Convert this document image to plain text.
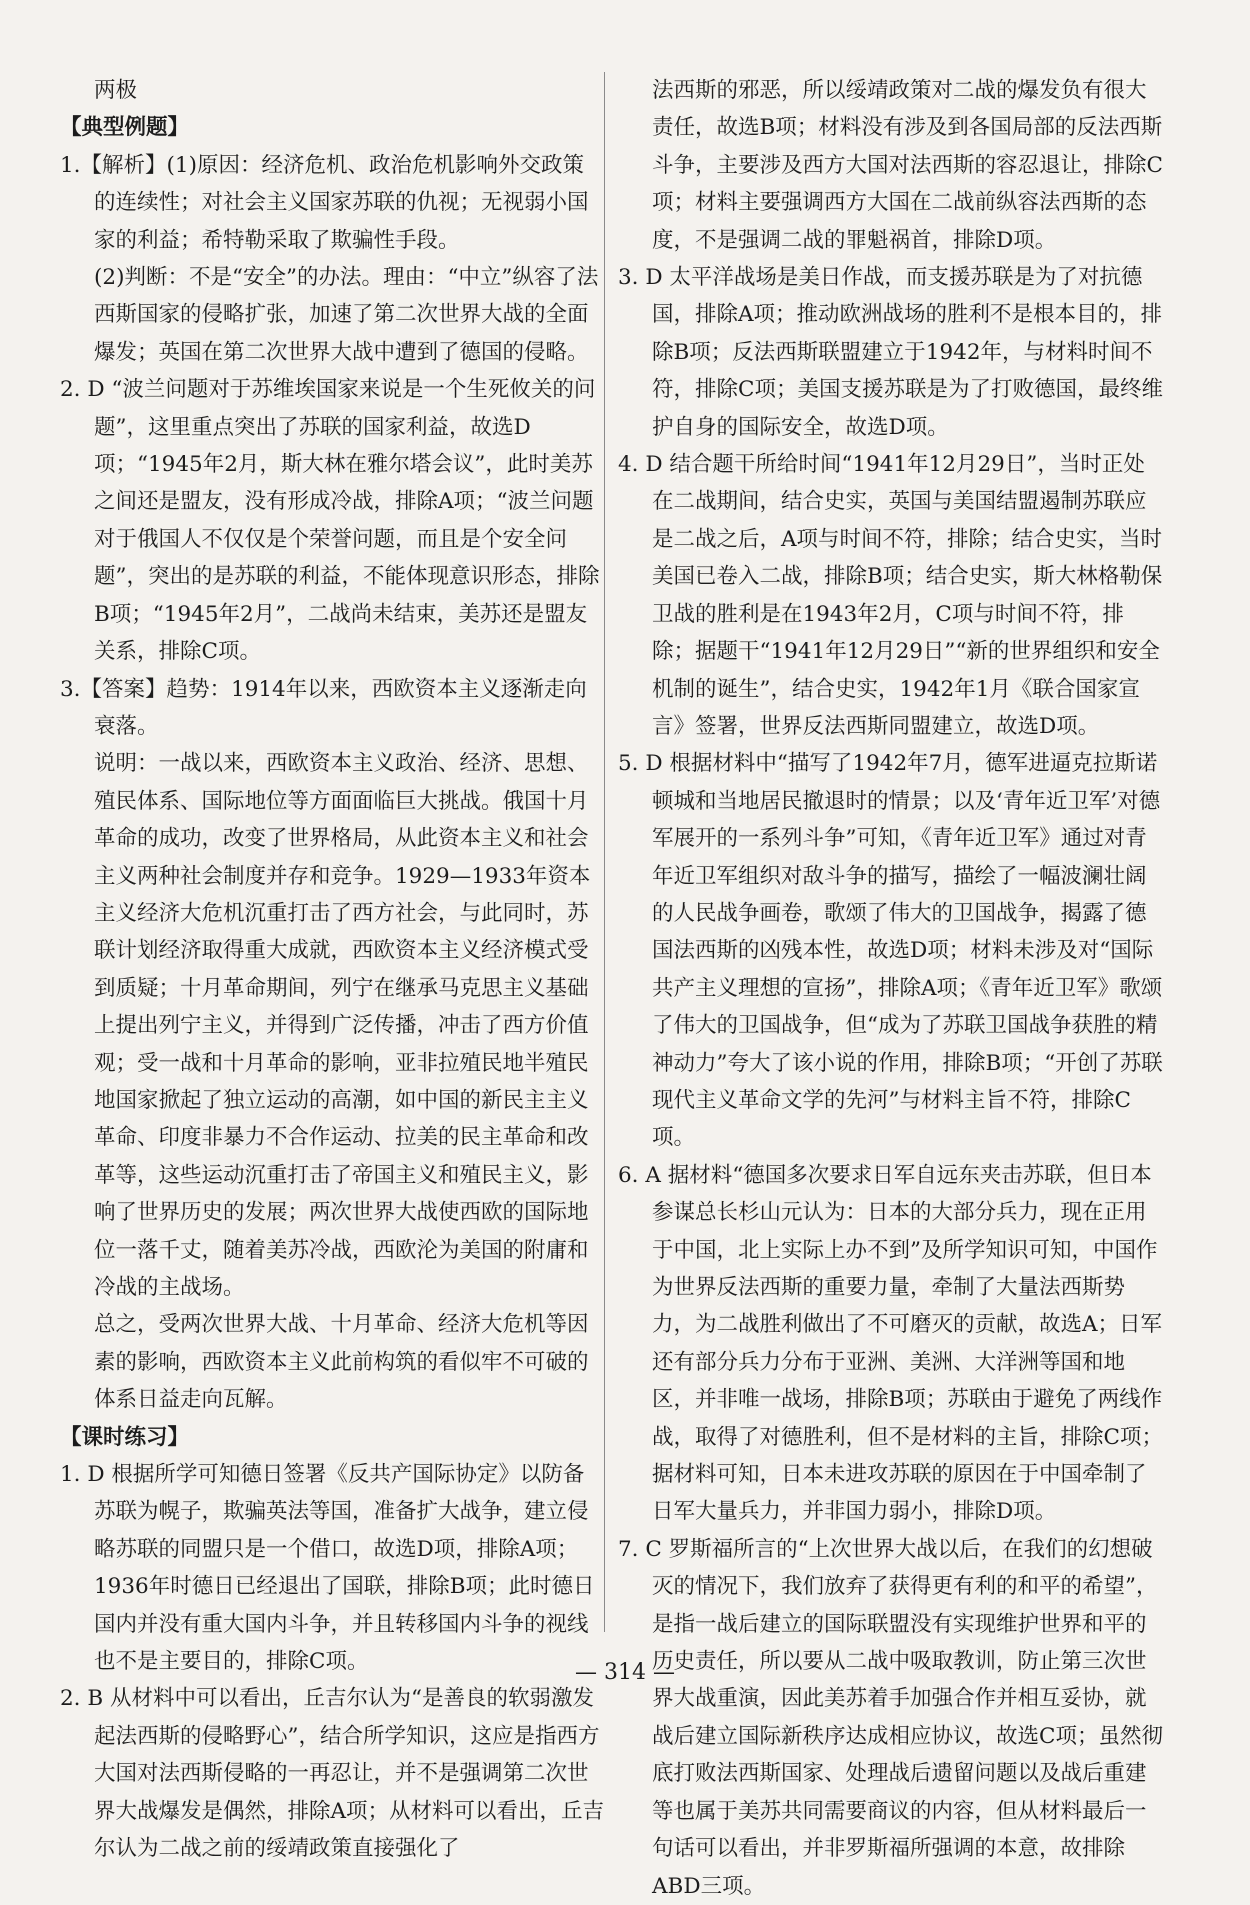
两极

【典型例题】

1.【解析】(1)原因：经济危机、政治危机影响外交政策的连续性；对社会主义国家苏联的仇视；无视弱小国家的利益；希特勒采取了欺骗性手段。

(2)判断：不是“安全”的办法。理由：“中立”纵容了法西斯国家的侵略扩张，加速了第二次世界大战的全面爆发；英国在第二次世界大战中遭到了德国的侵略。

2. D “波兰问题对于苏维埃国家来说是一个生死攸关的问题”，这里重点突出了苏联的国家利益，故选D项；“1945年2月，斯大林在雅尔塔会议”，此时美苏之间还是盟友，没有形成冷战，排除A项；“波兰问题对于俄国人不仅仅是个荣誉问题，而且是个安全问题”，突出的是苏联的利益，不能体现意识形态，排除B项；“1945年2月”，二战尚未结束，美苏还是盟友关系，排除C项。

3.【答案】趋势：1914年以来，西欧资本主义逐渐走向衰落。

说明：一战以来，西欧资本主义政治、经济、思想、殖民体系、国际地位等方面面临巨大挑战。俄国十月革命的成功，改变了世界格局，从此资本主义和社会主义两种社会制度并存和竞争。1929—1933年资本主义经济大危机沉重打击了西方社会，与此同时，苏联计划经济取得重大成就，西欧资本主义经济模式受到质疑；十月革命期间，列宁在继承马克思主义基础上提出列宁主义，并得到广泛传播，冲击了西方价值观；受一战和十月革命的影响，亚非拉殖民地半殖民地国家掀起了独立运动的高潮，如中国的新民主主义革命、印度非暴力不合作运动、拉美的民主革命和改革等，这些运动沉重打击了帝国主义和殖民主义，影响了世界历史的发展；两次世界大战使西欧的国际地位一落千丈，随着美苏冷战，西欧沦为美国的附庸和冷战的主战场。

总之，受两次世界大战、十月革命、经济大危机等因素的影响，西欧资本主义此前构筑的看似牢不可破的体系日益走向瓦解。

【课时练习】

1. D 根据所学可知德日签署《反共产国际协定》以防备苏联为幌子，欺骗英法等国，准备扩大战争，建立侵略苏联的同盟只是一个借口，故选D项，排除A项；1936年时德日已经退出了国联，排除B项；此时德日国内并没有重大国内斗争，并且转移国内斗争的视线也不是主要目的，排除C项。

2. B 从材料中可以看出，丘吉尔认为“是善良的软弱激发起法西斯的侵略野心”，结合所学知识，这应是指西方大国对法西斯侵略的一再忍让，并不是强调第二次世界大战爆发是偶然，排除A项；从材料可以看出，丘吉尔认为二战之前的绥靖政策直接强化了

法西斯的邪恶，所以绥靖政策对二战的爆发负有很大责任，故选B项；材料没有涉及到各国局部的反法西斯斗争，主要涉及西方大国对法西斯的容忍退让，排除C项；材料主要强调西方大国在二战前纵容法西斯的态度，不是强调二战的罪魁祸首，排除D项。

3. D 太平洋战场是美日作战，而支援苏联是为了对抗德国，排除A项；推动欧洲战场的胜利不是根本目的，排除B项；反法西斯联盟建立于1942年，与材料时间不符，排除C项；美国支援苏联是为了打败德国，最终维护自身的国际安全，故选D项。

4. D 结合题干所给时间“1941年12月29日”，当时正处在二战期间，结合史实，英国与美国结盟遏制苏联应是二战之后，A项与时间不符，排除；结合史实，当时美国已卷入二战，排除B项；结合史实，斯大林格勒保卫战的胜利是在1943年2月，C项与时间不符，排除；据题干“1941年12月29日”“新的世界组织和安全机制的诞生”，结合史实，1942年1月《联合国家宣言》签署，世界反法西斯同盟建立，故选D项。

5. D 根据材料中“描写了1942年7月，德军进逼克拉斯诺顿城和当地居民撤退时的情景；以及‘青年近卫军’对德军展开的一系列斗争”可知，《青年近卫军》通过对青年近卫军组织对敌斗争的描写，描绘了一幅波澜壮阔的人民战争画卷，歌颂了伟大的卫国战争，揭露了德国法西斯的凶残本性，故选D项；材料未涉及对“国际共产主义理想的宣扬”，排除A项；《青年近卫军》歌颂了伟大的卫国战争，但“成为了苏联卫国战争获胜的精神动力”夸大了该小说的作用，排除B项；“开创了苏联现代主义革命文学的先河”与材料主旨不符，排除C项。

6. A 据材料“德国多次要求日军自远东夹击苏联，但日本参谋总长杉山元认为：日本的大部分兵力，现在正用于中国，北上实际上办不到”及所学知识可知，中国作为世界反法西斯的重要力量，牵制了大量法西斯势力，为二战胜利做出了不可磨灭的贡献，故选A；日军还有部分兵力分布于亚洲、美洲、大洋洲等国和地区，并非唯一战场，排除B项；苏联由于避免了两线作战，取得了对德胜利，但不是材料的主旨，排除C项；据材料可知，日本未进攻苏联的原因在于中国牵制了日军大量兵力，并非国力弱小，排除D项。

7. C 罗斯福所言的“上次世界大战以后，在我们的幻想破灭的情况下，我们放弃了获得更有利的和平的希望”，是指一战后建立的国际联盟没有实现维护世界和平的历史责任，所以要从二战中吸取教训，防止第三次世界大战重演，因此美苏着手加强合作并相互妥协，就战后建立国际新秩序达成相应协议，故选C项；虽然彻底打败法西斯国家、处理战后遗留问题以及战后重建等也属于美苏共同需要商议的内容，但从材料最后一句话可以看出，并非罗斯福所强调的本意，故排除ABD三项。

— 314 —
